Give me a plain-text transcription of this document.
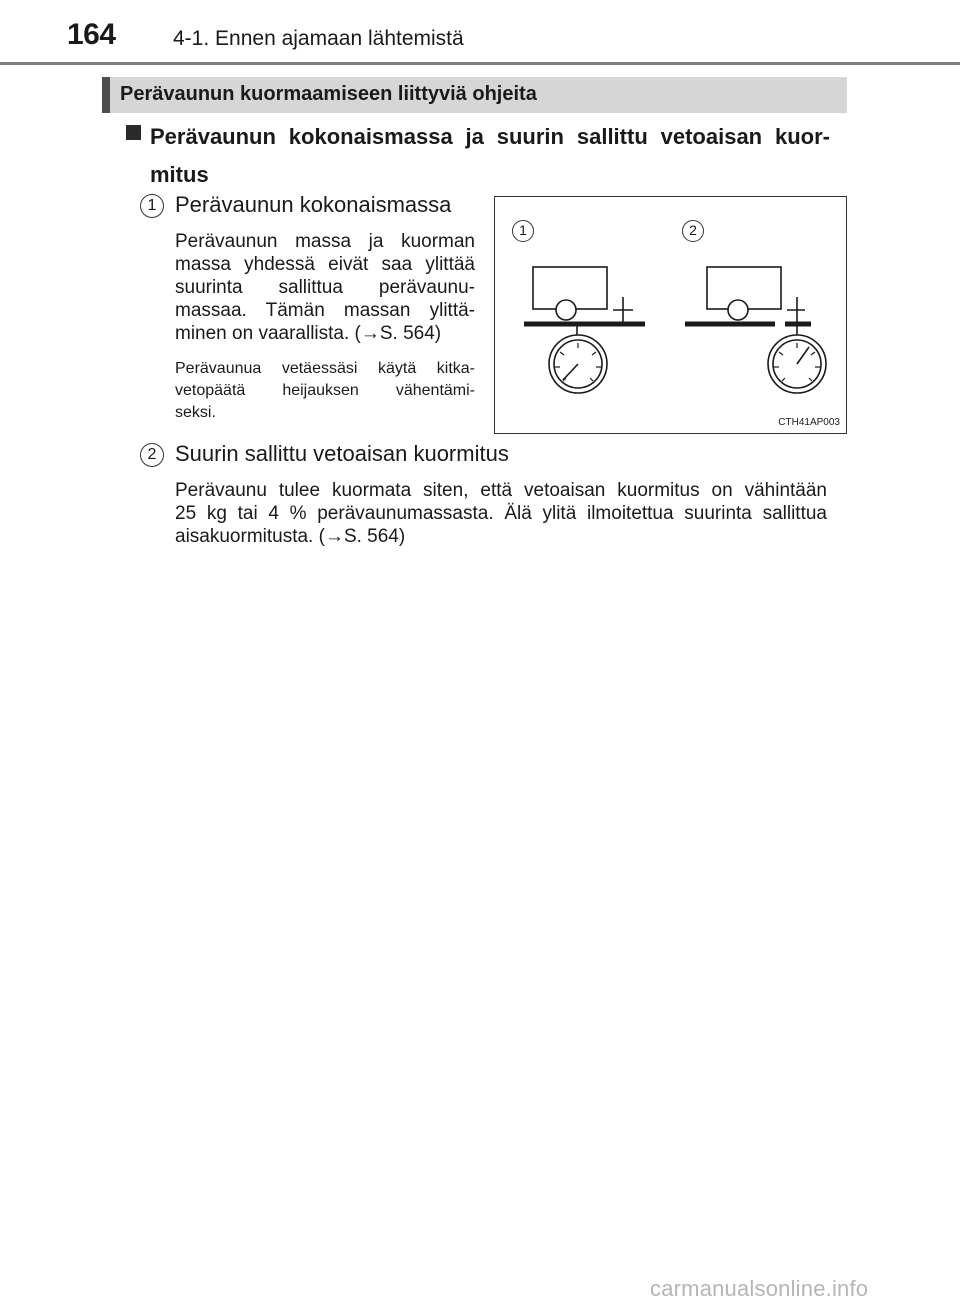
164	4-1. Ennen ajamaan lähtemistä
Perävaunun kuormaamiseen liittyviä ohjeita
Perävaunun kokonaismassa ja suurin sallittu vetoaisan kuor-mitus
1 Perävaunun kokonaismassa
Perävaunun massa ja kuorman
massa yhdessä eivät saa ylittää
suurinta sallittua perävaunu-
massaa. Tämän massan ylittä-
minen on vaarallista. (→S. 564)
Perävaunua vetäessäsi käytä kitka-
vetopäätä heijauksen vähentämi-
seksi.
1	2
CTH41AP003
2 Suurin sallittu vetoaisan kuormitus
Perävaunu tulee kuormata siten, että vetoaisan kuormitus on vähintään
25 kg tai 4 % perävaunumassasta. Älä ylitä ilmoitettua suurinta sallittua
aisakuormitusta. (→S. 564)
carmanualsonline.info
